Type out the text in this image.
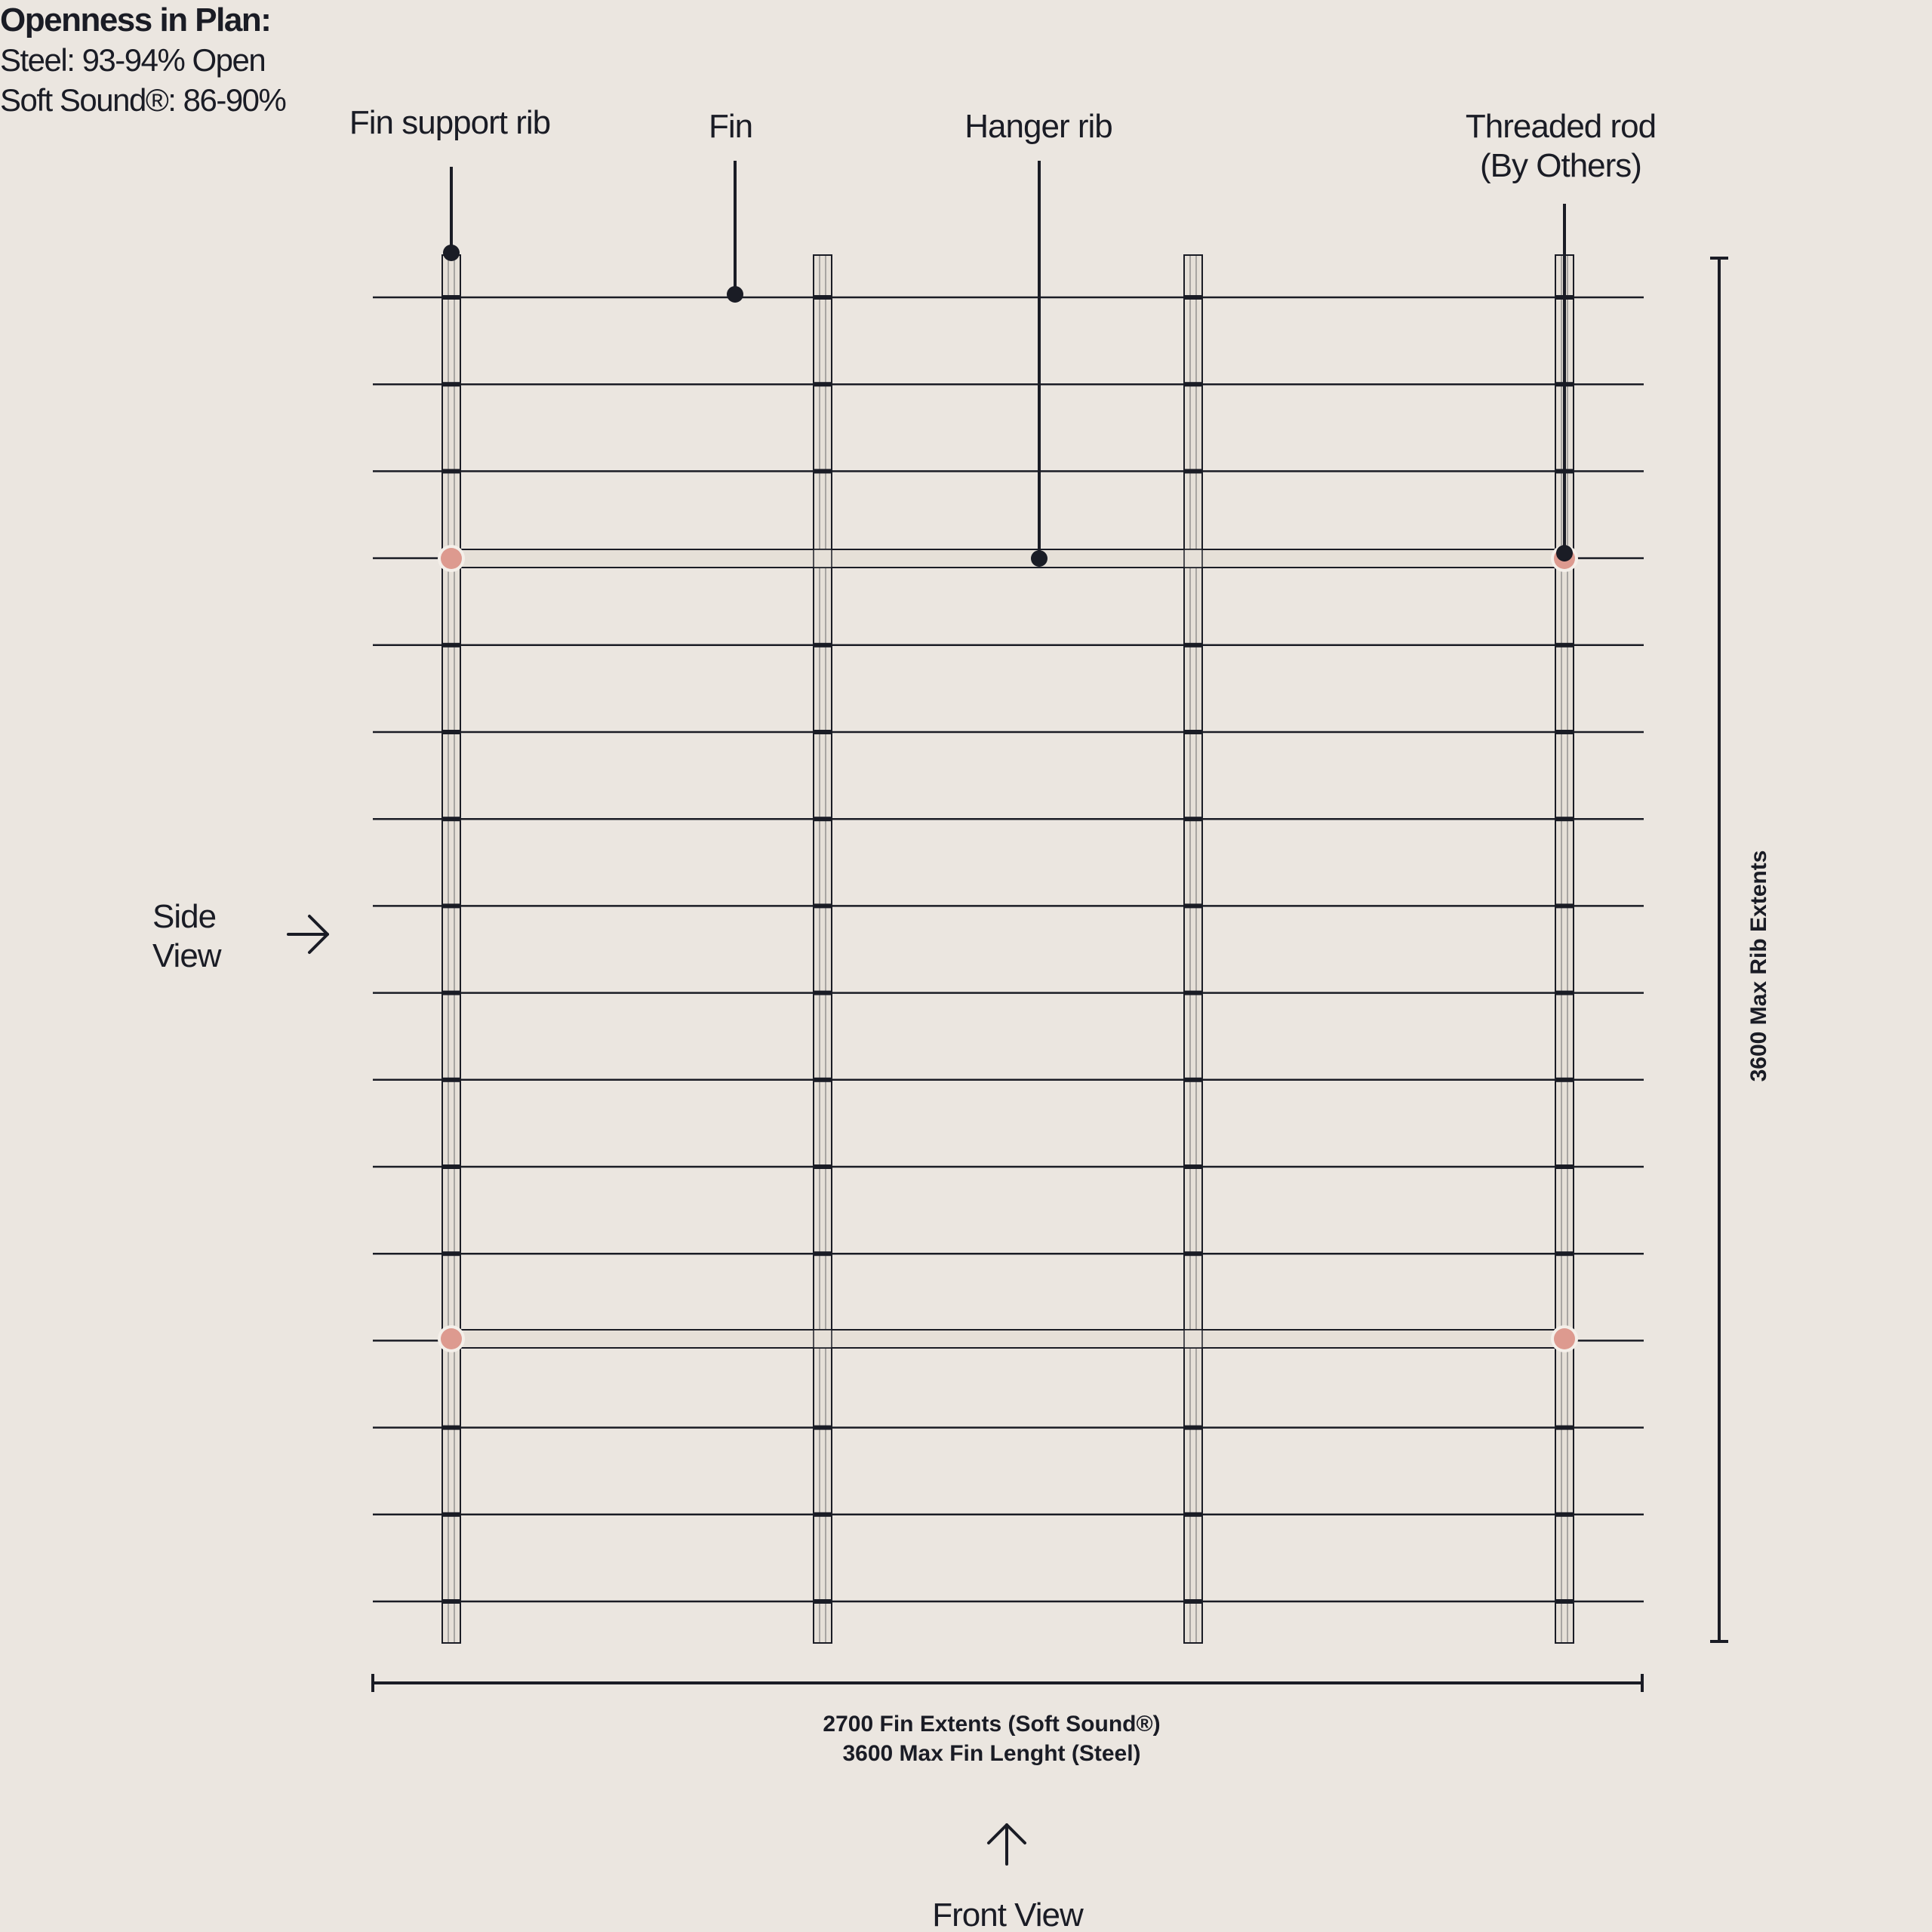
Openness in Plan:
Steel: 93-94% Open
Soft Sound®: 86-90%
Fin support rib	Fin	Hanger rib	Threaded rod
(By Others)
Side
View
Front View
2700 Fin Extents (Soft Sound®)
3600 Max Fin Lenght (Steel)
3600 Max Rib Extents
